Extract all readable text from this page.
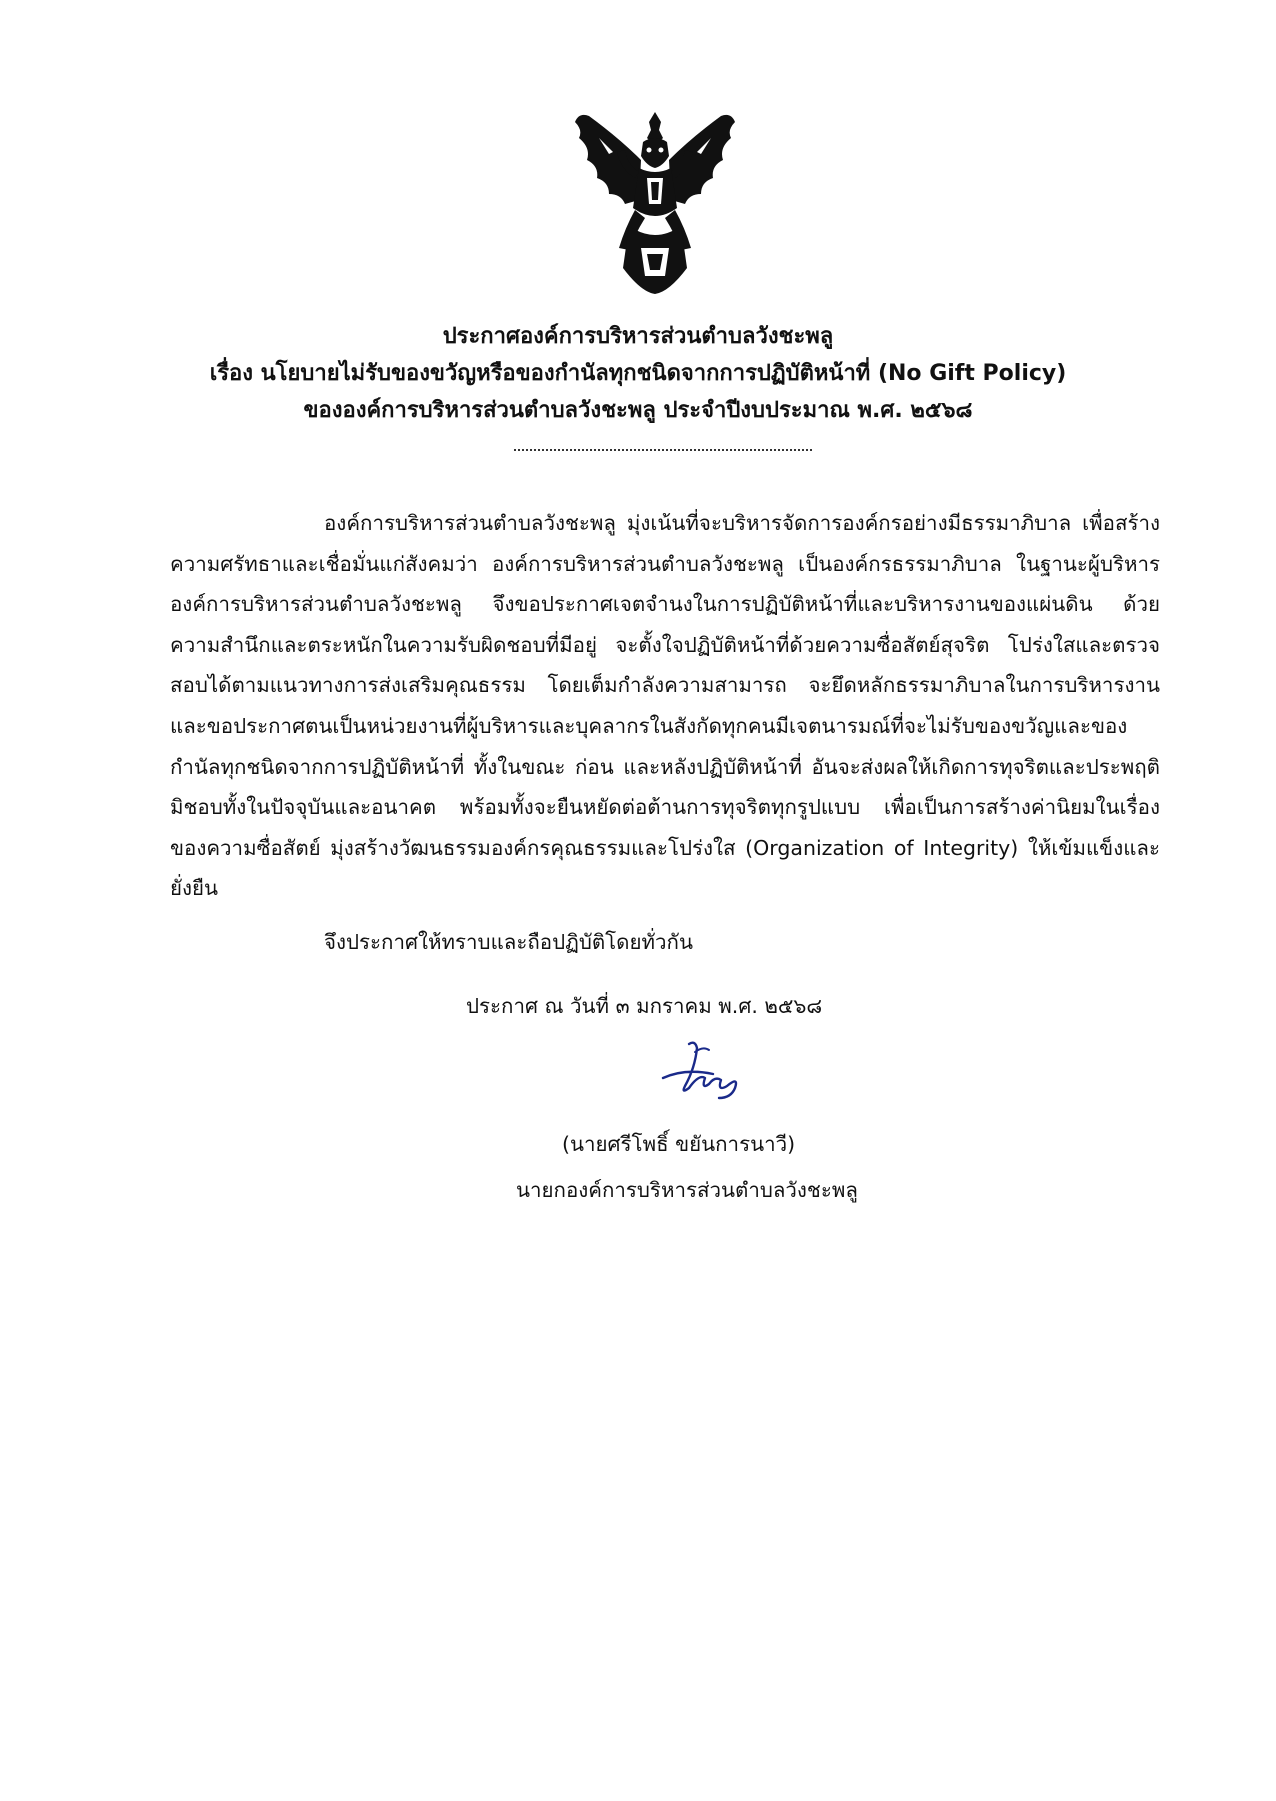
ประกาศองค์การบริหารส่วนตำบลวังชะพลู
เรื่อง นโยบายไม่รับของขวัญหรือของกำนัลทุกชนิดจากการปฏิบัติหน้าที่ (No Gift Policy)
ขององค์การบริหารส่วนตำบลวังชะพลู ประจำปีงบประมาณ พ.ศ. ๒๕๖๘
องค์การบริหารส่วนตำบลวังชะพลู มุ่งเน้นที่จะบริหารจัดการองค์กรอย่างมีธรรมาภิบาล เพื่อสร้างความศรัทธาและเชื่อมั่นแก่สังคมว่า องค์การบริหารส่วนตำบลวังชะพลู เป็นองค์กรธรรมาภิบาล ในฐานะผู้บริหารองค์การบริหารส่วนตำบลวังชะพลู จึงขอประกาศเจตจำนงในการปฏิบัติหน้าที่และบริหารงานของแผ่นดิน ด้วยความสำนึกและตระหนักในความรับผิดชอบที่มีอยู่ จะตั้งใจปฏิบัติหน้าที่ด้วยความซื่อสัตย์สุจริต โปร่งใสและตรวจสอบได้ตามแนวทางการส่งเสริมคุณธรรม โดยเต็มกำลังความสามารถ จะยึดหลักธรรมาภิบาลในการบริหารงานและขอประกาศตนเป็นหน่วยงานที่ผู้บริหารและบุคลากรในสังกัดทุกคนมีเจตนารมณ์ที่จะไม่รับของขวัญและของกำนัลทุกชนิดจากการปฏิบัติหน้าที่ ทั้งในขณะ ก่อน และหลังปฏิบัติหน้าที่ อันจะส่งผลให้เกิดการทุจริตและประพฤติมิชอบทั้งในปัจจุบันและอนาคต พร้อมทั้งจะยืนหยัดต่อต้านการทุจริตทุกรูปแบบ เพื่อเป็นการสร้างค่านิยมในเรื่องของความซื่อสัตย์ มุ่งสร้างวัฒนธรรมองค์กรคุณธรรมและโปร่งใส (Organization of Integrity) ให้เข้มแข็งและยั่งยืน
จึงประกาศให้ทราบและถือปฏิบัติโดยทั่วกัน
ประกาศ ณ วันที่ ๓ มกราคม พ.ศ. ๒๕๖๘
(นายศรีโพธิ์ ขยันการนาวี)
นายกองค์การบริหารส่วนตำบลวังชะพลู
